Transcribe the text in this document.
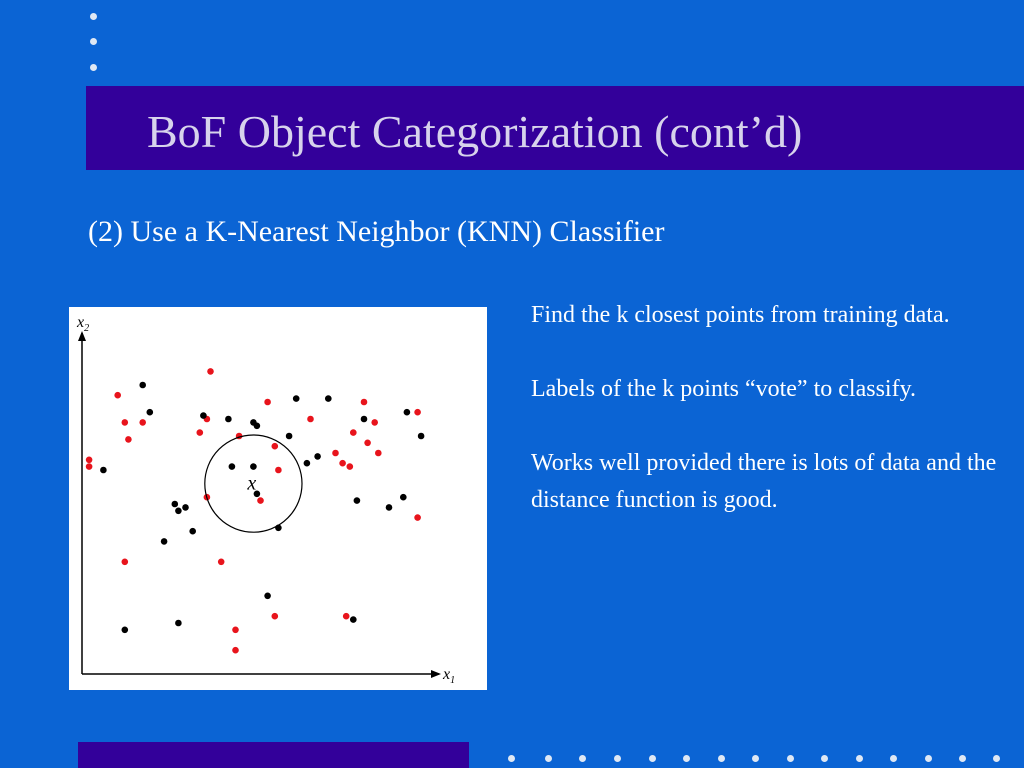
BoF Object Categorization (cont’d)
(2) Use a K-Nearest Neighbor (KNN) Classifier
$x_2$
$x_1$
x

Find the k closest points from training data.

Labels of the k points “vote” to classify.

Works well provided there is lots of data and the distance function is good.
